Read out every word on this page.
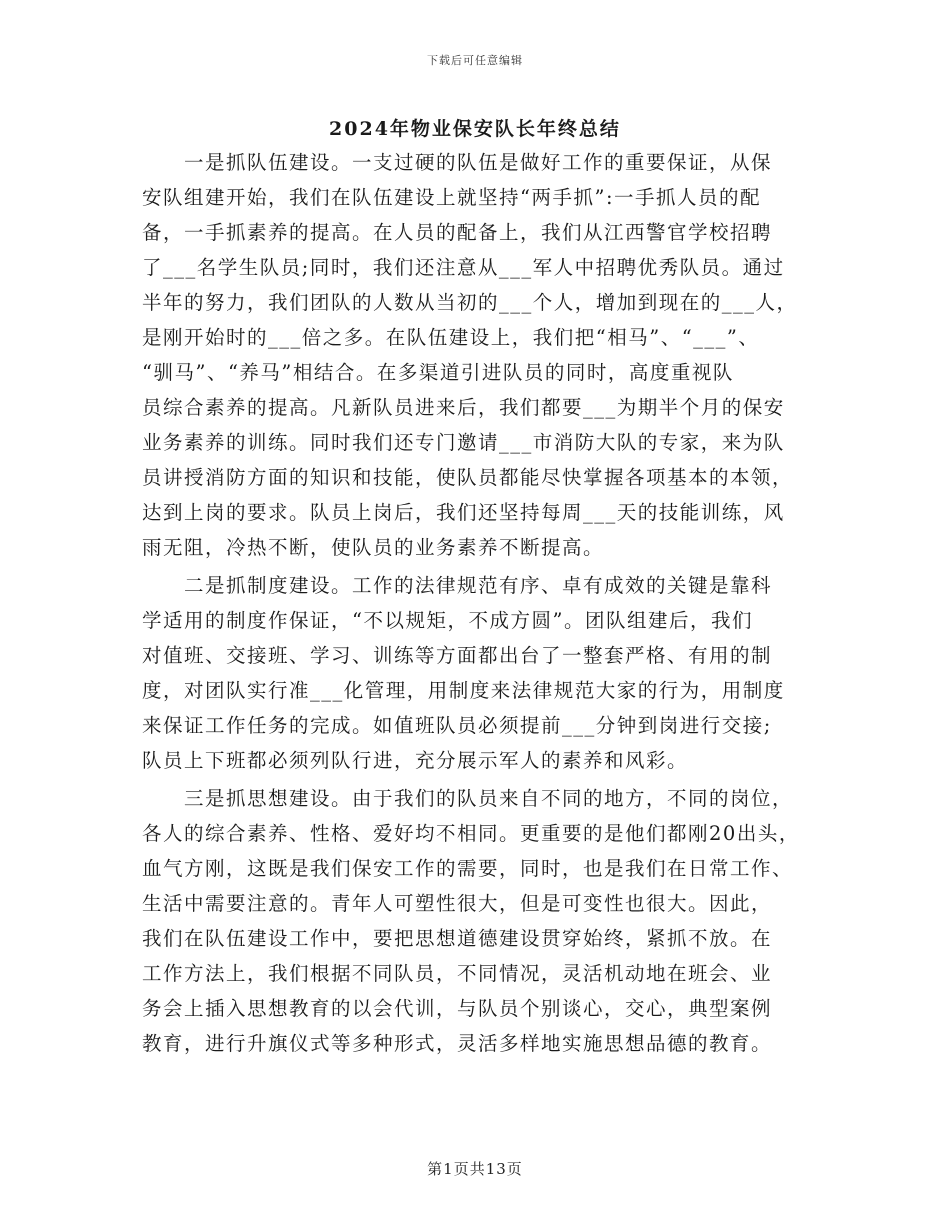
下载后可任意编辑
2024年物业保安队长年终总结
一是抓队伍建设。一支过硬的队伍是做好工作的重要保证，从保
安队组建开始，我们在队伍建设上就坚持“两手抓”:一手抓人员的配
备，一手抓素养的提高。在人员的配备上，我们从江西警官学校招聘
了___名学生队员;同时，我们还注意从___军人中招聘优秀队员。通过
半年的努力，我们团队的人数从当初的___个人，增加到现在的___人，
是刚开始时的___倍之多。在队伍建设上，我们把“相马”、“___”、
“驯马”、“养马”相结合。在多渠道引进队员的同时，高度重视队
员综合素养的提高。凡新队员进来后，我们都要___为期半个月的保安
业务素养的训练。同时我们还专门邀请___市消防大队的专家，来为队
员讲授消防方面的知识和技能，使队员都能尽快掌握各项基本的本领，
达到上岗的要求。队员上岗后，我们还坚持每周___天的技能训练，风
雨无阻，冷热不断，使队员的业务素养不断提高。
二是抓制度建设。工作的法律规范有序、卓有成效的关键是靠科
学适用的制度作保证，“不以规矩，不成方圆”。团队组建后，我们
对值班、交接班、学习、训练等方面都出台了一整套严格、有用的制
度，对团队实行准___化管理，用制度来法律规范大家的行为，用制度
来保证工作任务的完成。如值班队员必须提前___分钟到岗进行交接;
队员上下班都必须列队行进，充分展示军人的素养和风彩。
三是抓思想建设。由于我们的队员来自不同的地方，不同的岗位，
各人的综合素养、性格、爱好均不相同。更重要的是他们都刚20出头，
血气方刚，这既是我们保安工作的需要，同时，也是我们在日常工作、
生活中需要注意的。青年人可塑性很大，但是可变性也很大。因此，
我们在队伍建设工作中，要把思想道德建设贯穿始终，紧抓不放。在
工作方法上，我们根据不同队员，不同情况，灵活机动地在班会、业
务会上插入思想教育的以会代训，与队员个别谈心，交心，典型案例
教育，进行升旗仪式等多种形式，灵活多样地实施思想品德的教育。
第1页共13页
